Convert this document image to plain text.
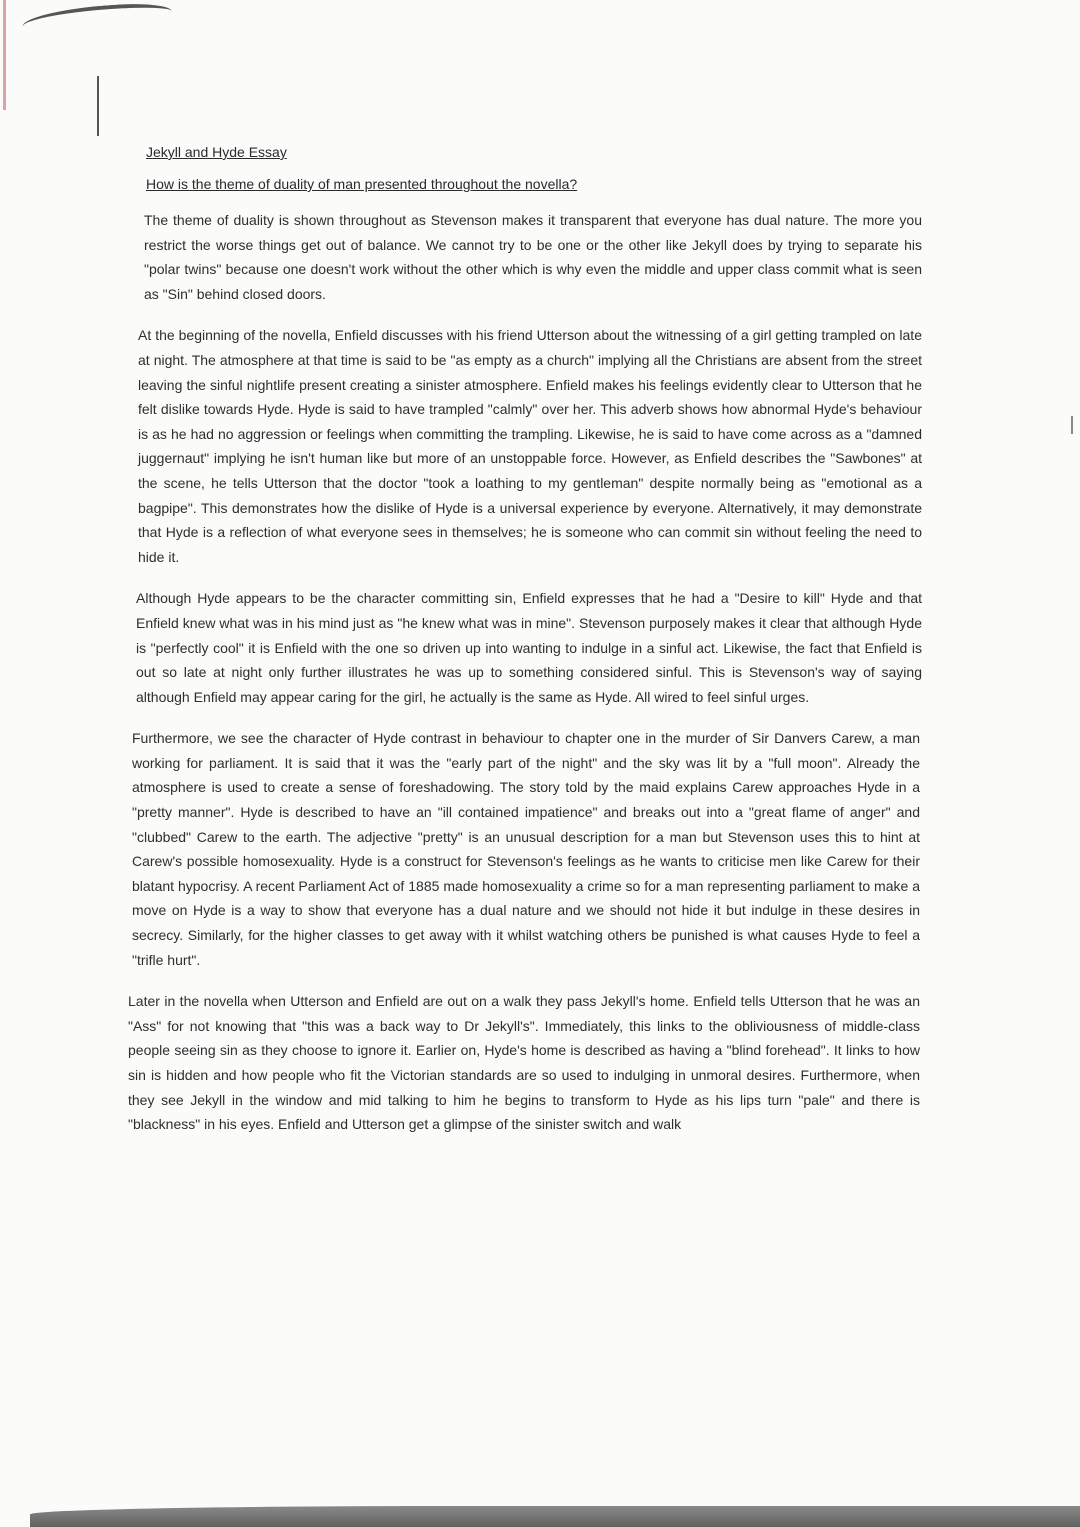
Jekyll and Hyde Essay
How is the theme of duality of man presented throughout the novella?

The theme of duality is shown throughout as Stevenson makes it transparent that everyone has dual nature. The more you restrict the worse things get out of balance. We cannot try to be one or the other like Jekyll does by trying to separate his "polar twins" because one doesn't work without the other which is why even the middle and upper class commit what is seen as "Sin" behind closed doors.

At the beginning of the novella, Enfield discusses with his friend Utterson about the witnessing of a girl getting trampled on late at night. The atmosphere at that time is said to be "as empty as a church" implying all the Christians are absent from the street leaving the sinful nightlife present creating a sinister atmosphere. Enfield makes his feelings evidently clear to Utterson that he felt dislike towards Hyde. Hyde is said to have trampled "calmly" over her. This adverb shows how abnormal Hyde's behaviour is as he had no aggression or feelings when committing the trampling. Likewise, he is said to have come across as a "damned juggernaut" implying he isn't human like but more of an unstoppable force. However, as Enfield describes the "Sawbones" at the scene, he tells Utterson that the doctor "took a loathing to my gentleman" despite normally being as "emotional as a bagpipe". This demonstrates how the dislike of Hyde is a universal experience by everyone. Alternatively, it may demonstrate that Hyde is a reflection of what everyone sees in themselves; he is someone who can commit sin without feeling the need to hide it.

Although Hyde appears to be the character committing sin, Enfield expresses that he had a "Desire to kill" Hyde and that Enfield knew what was in his mind just as "he knew what was in mine". Stevenson purposely makes it clear that although Hyde is "perfectly cool" it is Enfield with the one so driven up into wanting to indulge in a sinful act. Likewise, the fact that Enfield is out so late at night only further illustrates he was up to something considered sinful. This is Stevenson's way of saying although Enfield may appear caring for the girl, he actually is the same as Hyde. All wired to feel sinful urges.

Furthermore, we see the character of Hyde contrast in behaviour to chapter one in the murder of Sir Danvers Carew, a man working for parliament. It is said that it was the "early part of the night" and the sky was lit by a "full moon". Already the atmosphere is used to create a sense of foreshadowing. The story told by the maid explains Carew approaches Hyde in a "pretty manner". Hyde is described to have an "ill contained impatience" and breaks out into a "great flame of anger" and "clubbed" Carew to the earth. The adjective "pretty" is an unusual description for a man but Stevenson uses this to hint at Carew's possible homosexuality. Hyde is a construct for Stevenson's feelings as he wants to criticise men like Carew for their blatant hypocrisy. A recent Parliament Act of 1885 made homosexuality a crime so for a man representing parliament to make a move on Hyde is a way to show that everyone has a dual nature and we should not hide it but indulge in these desires in secrecy. Similarly, for the higher classes to get away with it whilst watching others be punished is what causes Hyde to feel a "trifle hurt".

Later in the novella when Utterson and Enfield are out on a walk they pass Jekyll's home. Enfield tells Utterson that he was an "Ass" for not knowing that "this was a back way to Dr Jekyll's". Immediately, this links to the obliviousness of middle-class people seeing sin as they choose to ignore it. Earlier on, Hyde's home is described as having a "blind forehead". It links to how sin is hidden and how people who fit the Victorian standards are so used to indulging in unmoral desires. Furthermore, when they see Jekyll in the window and mid talking to him he begins to transform to Hyde as his lips turn "pale" and there is "blackness" in his eyes. Enfield and Utterson get a glimpse of the sinister switch and walk
